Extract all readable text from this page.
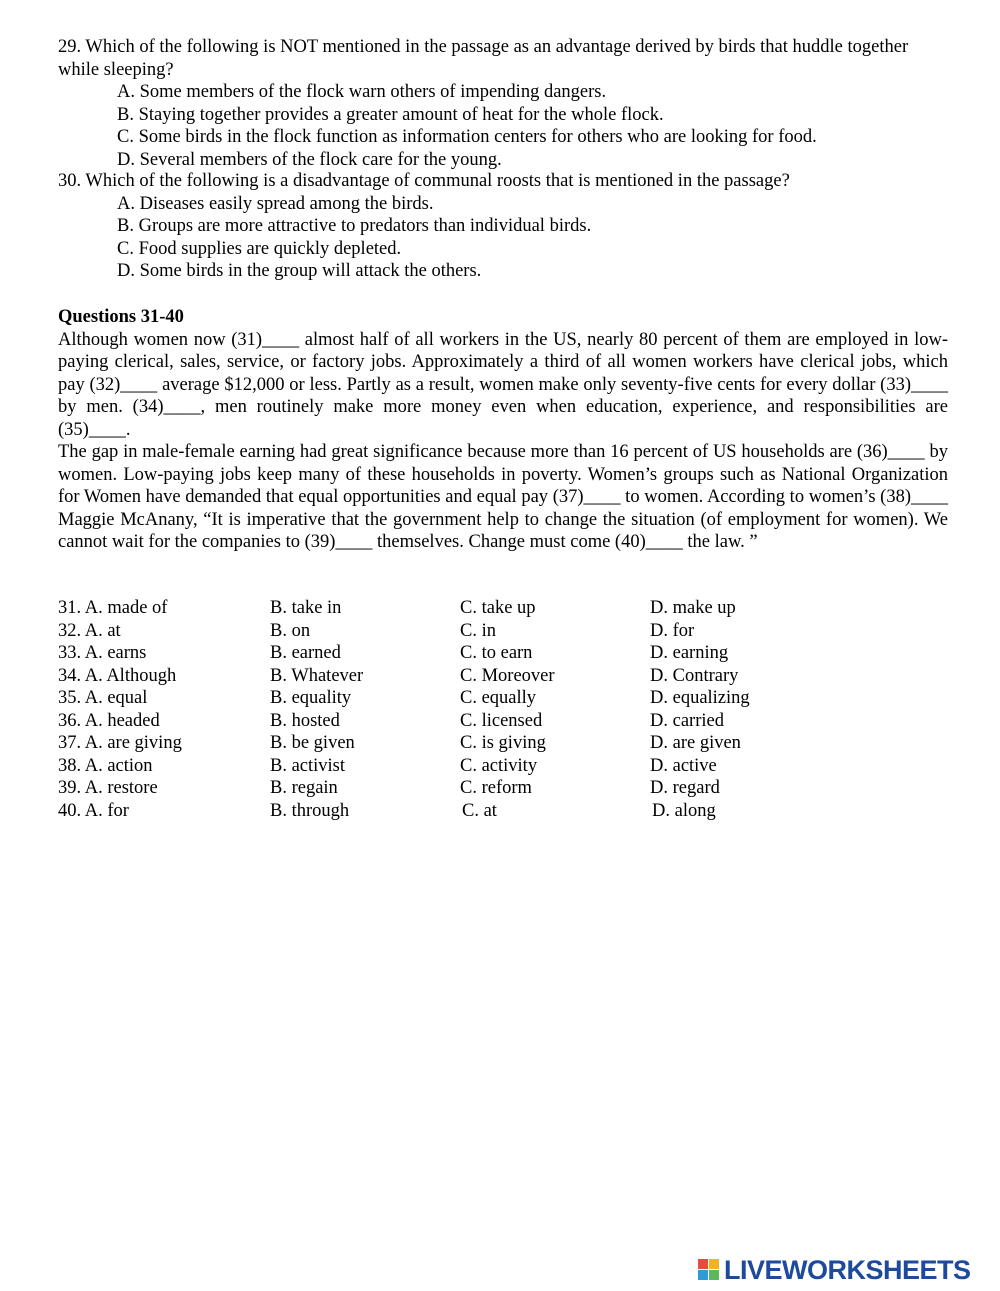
29. Which of the following is NOT mentioned in the passage as an advantage derived by birds that huddle together while sleeping?

A. Some members of the flock warn others of impending dangers.

B. Staying together provides a greater amount of heat for the whole flock.

C. Some birds in the flock function as information centers for others who are looking for food.

D. Several members of the flock care for the young.

30. Which of the following is a disadvantage of communal roosts that is mentioned in the passage?

A. Diseases easily spread among the birds.

B. Groups are more attractive to predators than individual birds.

C. Food supplies are quickly depleted.

D. Some birds in the group will attack the others.

Questions 31-40

Although women now (31)____ almost half of all workers in the US, nearly 80 percent of them are employed in low-paying clerical, sales, service, or factory jobs. Approximately a third of all women workers have clerical jobs, which pay (32)____ average $12,000 or less. Partly as a result, women make only seventy-five cents for every dollar (33)____ by men. (34)____, men routinely make more money even when education, experience, and responsibilities are (35)____.

The gap in male-female earning had great significance because more than 16 percent of US households are (36)____ by women. Low-paying jobs keep many of these households in poverty. Women’s groups such as National Organization for Women have demanded that equal opportunities and equal pay (37)____ to women. According to women’s (38)____ Maggie McAnany, “It is imperative that the government help to change the situation (of employment for women). We cannot wait for the companies to (39)____ themselves. Change must come (40)____ the law. ”

31. A. made of	B. take in	C. take up	D. make up
32. A. at	B. on	C. in	D. for
33. A. earns	B. earned	C. to earn	D. earning
34. A. Although	B. Whatever	C. Moreover	D. Contrary
35. A. equal	B. equality	C. equally	D. equalizing
36. A. headed	B. hosted	C. licensed	D. carried
37. A. are giving	B. be given	C. is giving	D. are given
38. A. action	B. activist	C. activity	D. active
39. A. restore	B. regain	C. reform	D. regard
40. A. for	B. through	C. at	D. along
LIVEWORKSHEETS
